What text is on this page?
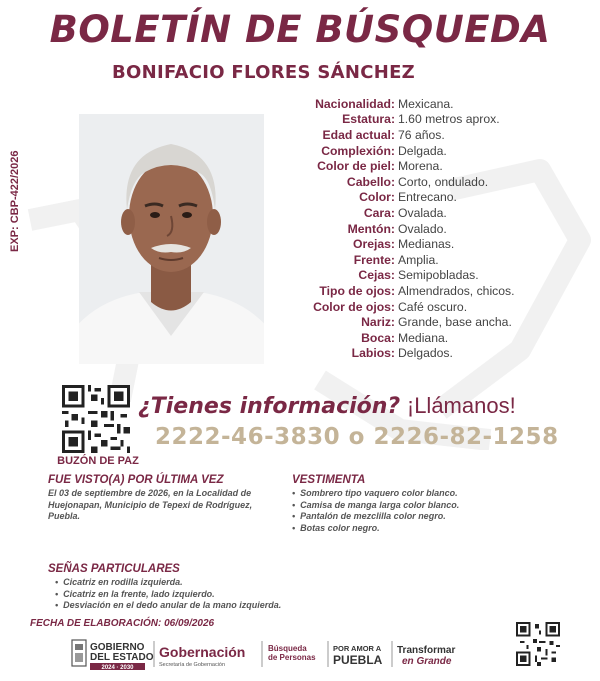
BOLETÍN DE BÚSQUEDA
BONIFACIO FLORES SÁNCHEZ
EXP: CBP-422/2026
Nacionalidad: Mexicana.
Estatura: 1.60 metros aprox.
Edad actual: 76 años.
Complexión: Delgada.
Color de piel: Morena.
Cabello: Corto, ondulado.
Color: Entrecano.
Cara: Ovalada.
Mentón: Ovalado.
Orejas: Medianas.
Frente: Amplia.
Cejas: Semipobladas.
Tipo de ojos: Almendrados, chicos.
Color de ojos: Café oscuro.
Nariz: Grande, base ancha.
Boca: Mediana.
Labios: Delgados.
BUZÓN DE PAZ
¿Tienes información? ¡Llámanos!
2222-46-3830 o 2226-82-1258
FUE VISTO(A) POR ÚLTIMA VEZ
El 03 de septiembre de 2026, en la Localidad de Huejonapan, Municipio de Tepexi de Rodríguez, Puebla.
VESTIMENTA
• Sombrero tipo vaquero color blanco.
• Camisa de manga larga color blanco.
• Pantalón de mezclilla color negro.
• Botas color negro.
SEÑAS PARTICULARES
• Cicatriz en rodilla izquierda.
• Cicatriz en la frente, lado izquierdo.
• Desviación en el dedo anular de la mano izquierda.
FECHA DE ELABORACIÓN: 06/09/2026
GOBIERNO
DEL ESTADO
2024 · 2030
Gobernación
Secretaría de Gobernación
Búsqueda
de Personas
POR AMOR A
PUEBLA
Transformar
en Grande
